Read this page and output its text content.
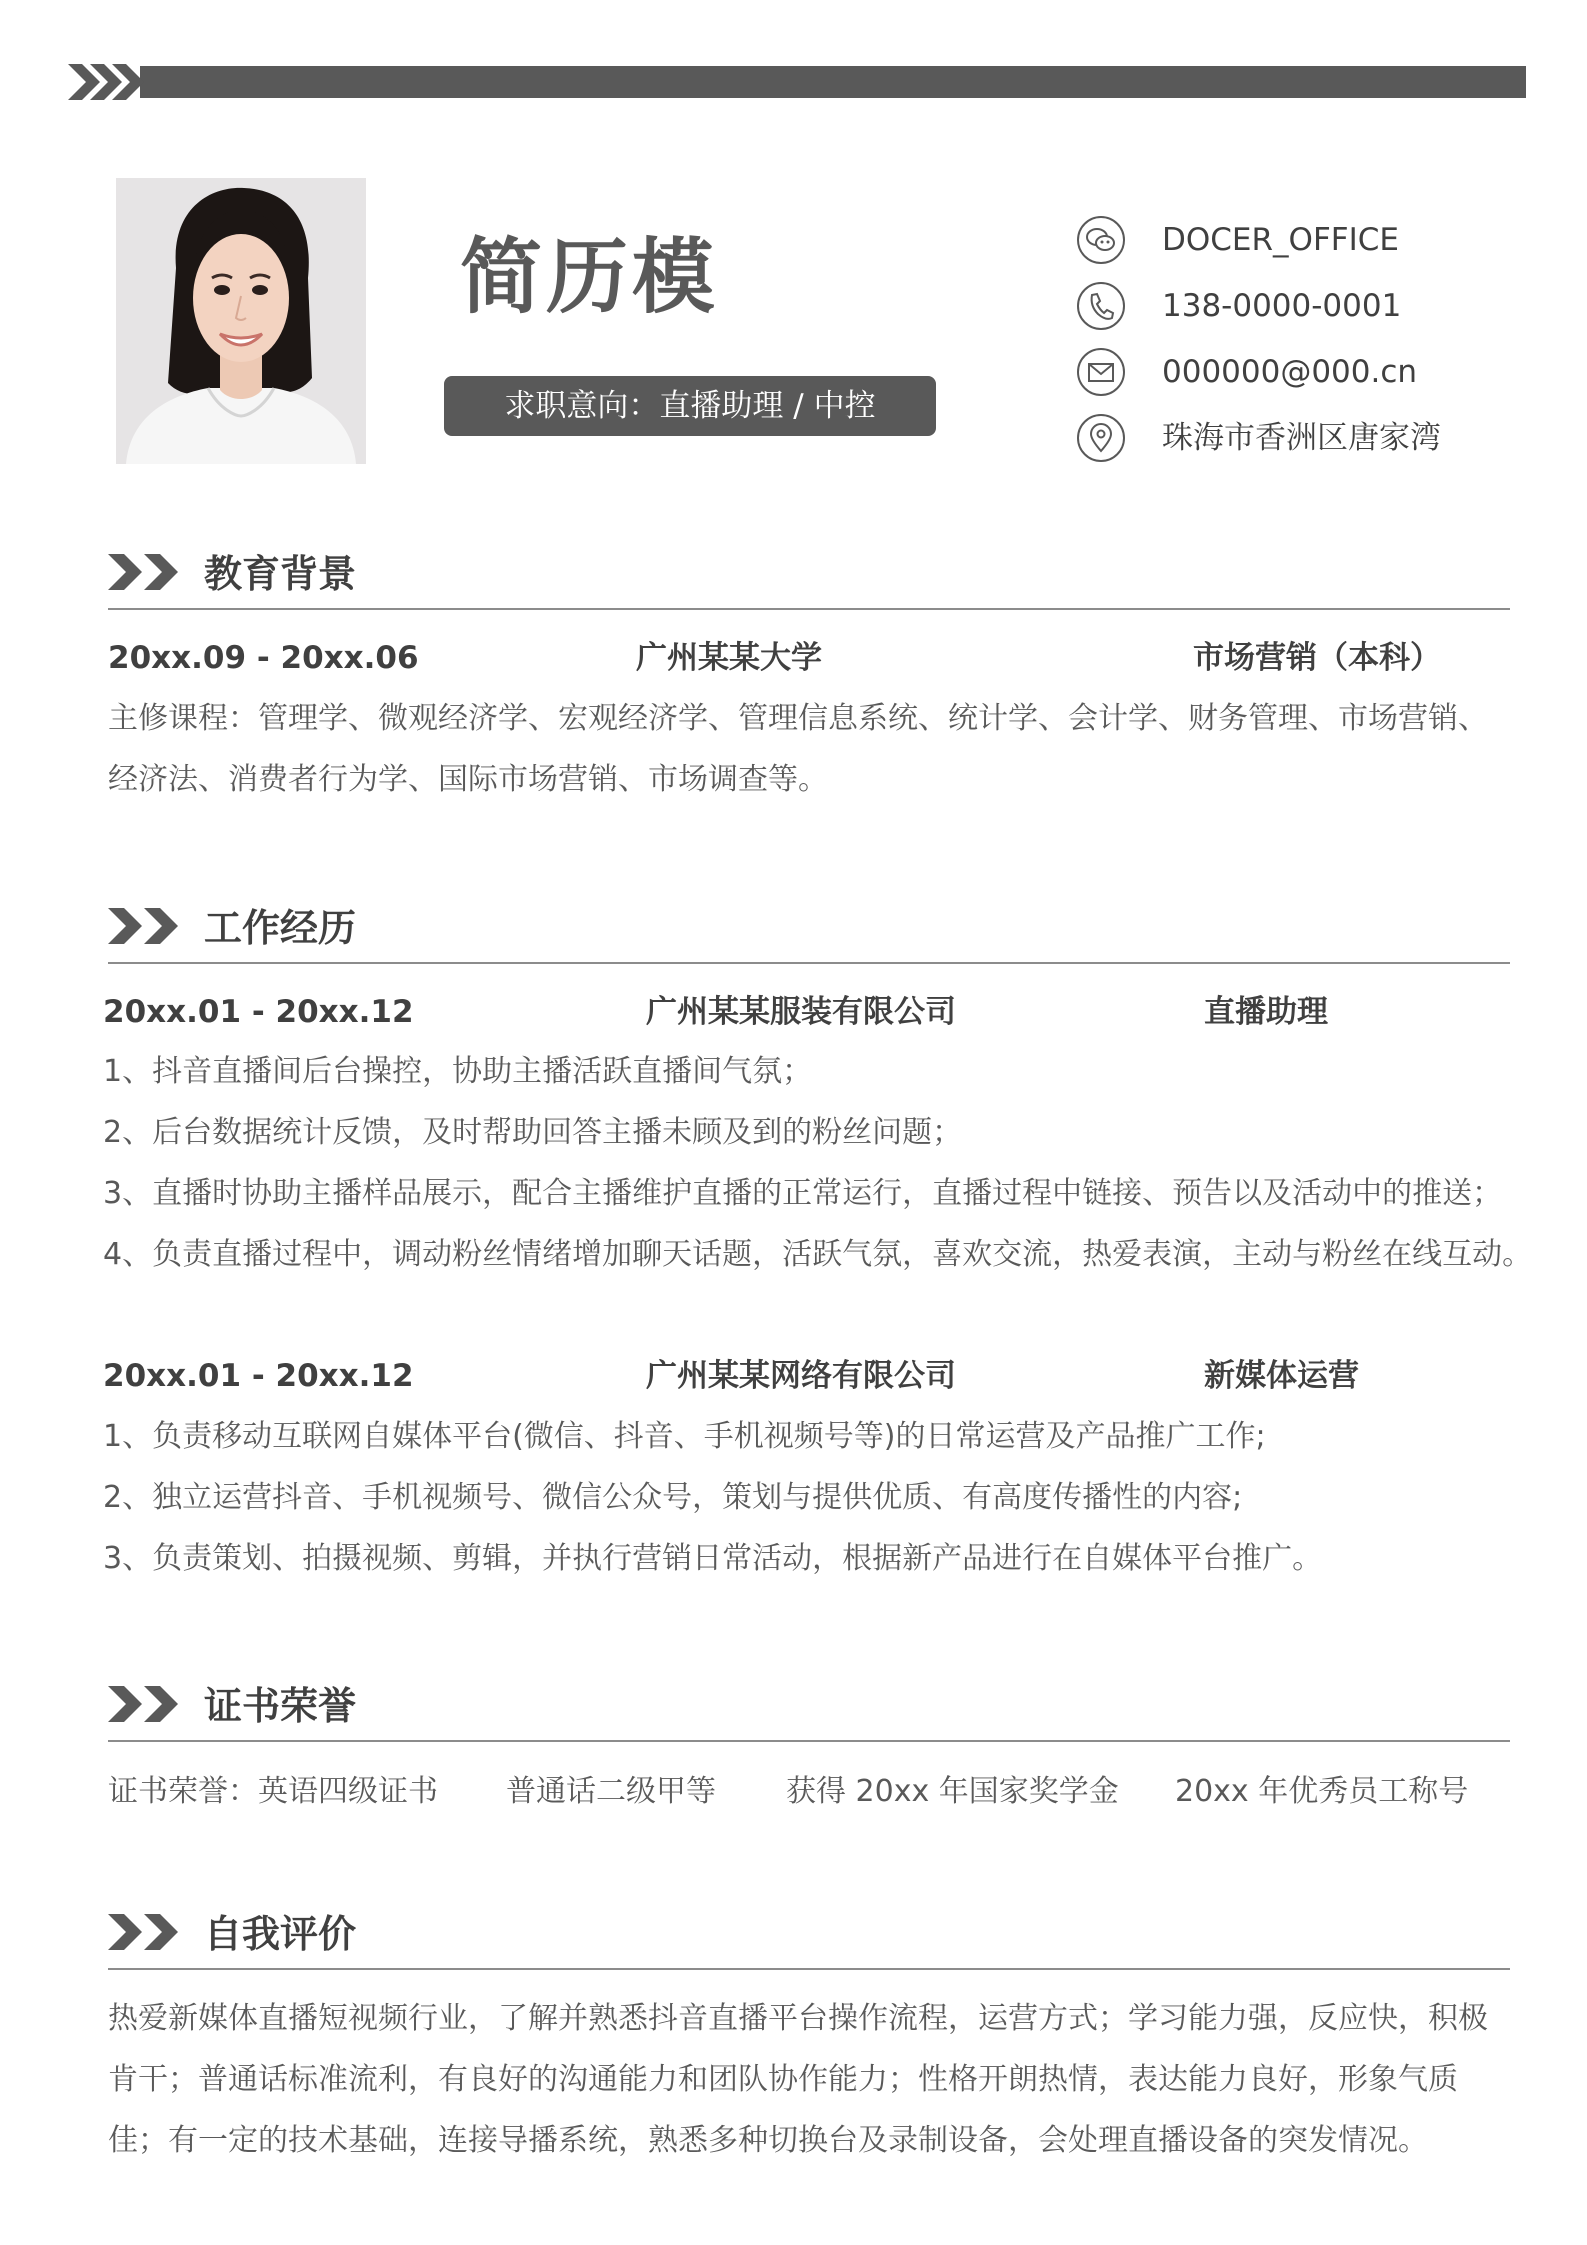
简历模
求职意向：直播助理 / 中控
DOCER_OFFICE
138-0000-0001
000000@000.cn
珠海市香洲区唐家湾
教育背景
20xx.09 - 20xx.06	广州某某大学	市场营销（本科）
主修课程：管理学、微观经济学、宏观经济学、管理信息系统、统计学、会计学、财务管理、市场营销、经济法、消费者行为学、国际市场营销、市场调查等。
工作经历
20xx.01 - 20xx.12	广州某某服装有限公司	直播助理
1、抖音直播间后台操控，协助主播活跃直播间气氛；
2、后台数据统计反馈，及时帮助回答主播未顾及到的粉丝问题；
3、直播时协助主播样品展示，配合主播维护直播的正常运行，直播过程中链接、预告以及活动中的推送；
4、负责直播过程中，调动粉丝情绪增加聊天话题，活跃气氛，喜欢交流，热爱表演，主动与粉丝在线互动。
20xx.01 - 20xx.12	广州某某网络有限公司	新媒体运营
1、负责移动互联网自媒体平台(微信、抖音、手机视频号等)的日常运营及产品推广工作;
2、独立运营抖音、手机视频号、微信公众号，策划与提供优质、有高度传播性的内容;
3、负责策划、拍摄视频、剪辑，并执行营销日常活动，根据新产品进行在自媒体平台推广。
证书荣誉
证书荣誉：英语四级证书 普通话二级甲等 获得 20xx 年国家奖学金 20xx 年优秀员工称号
自我评价
热爱新媒体直播短视频行业，了解并熟悉抖音直播平台操作流程，运营方式；学习能力强，反应快，积极肯干；普通话标准流利，有良好的沟通能力和团队协作能力；性格开朗热情，表达能力良好，形象气质佳；有一定的技术基础，连接导播系统，熟悉多种切换台及录制设备，会处理直播设备的突发情况。
